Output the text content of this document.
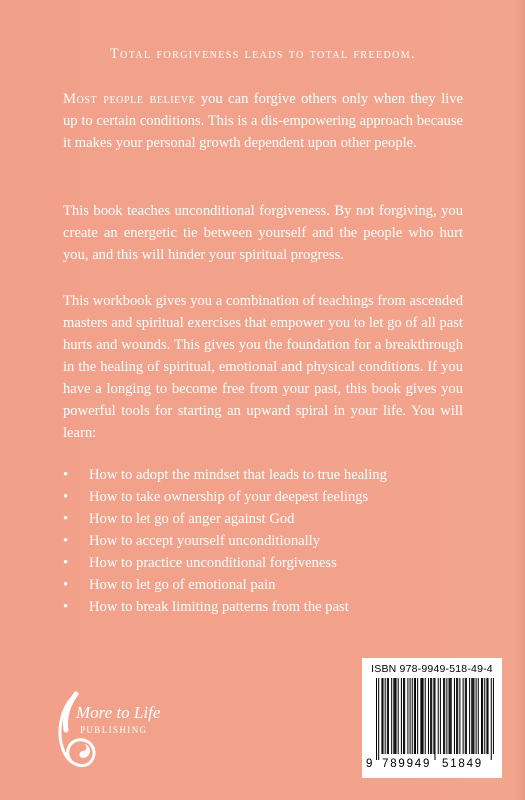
Total forgiveness leads to total freedom.

Most people believe you can forgive others only when they live up to certain conditions. This is a dis-empowering approach because it makes your personal growth dependent upon other people.

This book teaches unconditional forgiveness. By not forgiving, you create an energetic tie between yourself and the people who hurt you, and this will hinder your spiritual progress.

This workbook gives you a combination of teachings from ascended masters and spiritual exercises that empower you to let go of all past hurts and wounds. This gives you the foundation for a breakthrough in the healing of spiritual, emotional and physical conditions. If you have a longing to become free from your past, this book gives you powerful tools for starting an upward spiral in your life. You will learn:

• How to adopt the mindset that leads to true healing
• How to take ownership of your deepest feelings
• How to let go of anger against God
• How to accept yourself unconditionally
• How to practice unconditional forgiveness
• How to let go of emotional pain
• How to break limiting patterns from the past
More to Life
PUBLISHING
ISBN 978-9949-518-49-4
9 789949 51849
